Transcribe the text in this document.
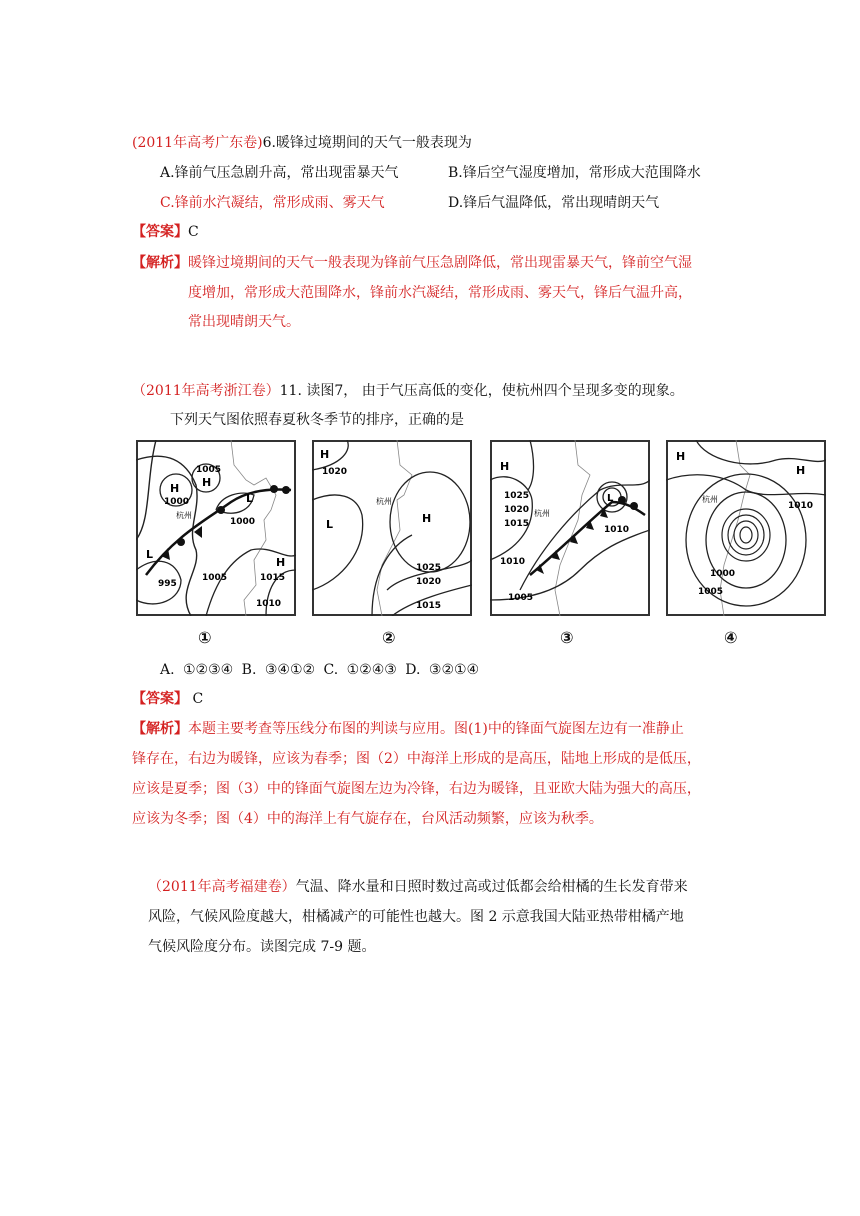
(2011年高考广东卷)6.暖锋过境期间的天气一般表现为
A.锋前气压急剧升高，常出现雷暴天气	B.锋后空气湿度增加，常形成大范围降水
C.锋前水汽凝结，常形成雨、雾天气	D.锋后气温降低，常出现晴朗天气
【答案】C
【解析】暖锋过境期间的天气一般表现为锋前气压急剧降低，常出现雷暴天气，锋前空气湿
度增加，常形成大范围降水，锋前水汽凝结，常形成雨、雾天气，锋后气温升高，
常出现晴朗天气。
（2011年高考浙江卷）11. 读图7， 由于气压高低的变化，使杭州四个呈现多变的现象。
下列天气图依照春夏秋冬季节的排序，正确的是
1005
H
1000
H
L
1000
杭州
L
995
1005
H
1015
1010
H
1020
杭州
L	H
1025
1020
1015
H
1025
1020
1015
杭州
L
1010
1010
1005
H
H
杭州
1010
1000
1005
①	②	③	④
A. ①②③④ B. ③④①② C. ①②④③ D. ③②①④
【答案】 C
【解析】本题主要考查等压线分布图的判读与应用。图(1)中的锋面气旋图左边有一准静止
锋存在，右边为暖锋，应该为春季；图（2）中海洋上形成的是高压，陆地上形成的是低压，
应该是夏季；图（3）中的锋面气旋图左边为冷锋，右边为暖锋，且亚欧大陆为强大的高压，
应该为冬季；图（4）中的海洋上有气旋存在，台风活动频繁，应该为秋季。
（2011年高考福建卷）气温、降水量和日照时数过高或过低都会给柑橘的生长发育带来
风险，气候风险度越大，柑橘减产的可能性也越大。图 2 示意我国大陆亚热带柑橘产地
气候风险度分布。读图完成 7-9 题。
